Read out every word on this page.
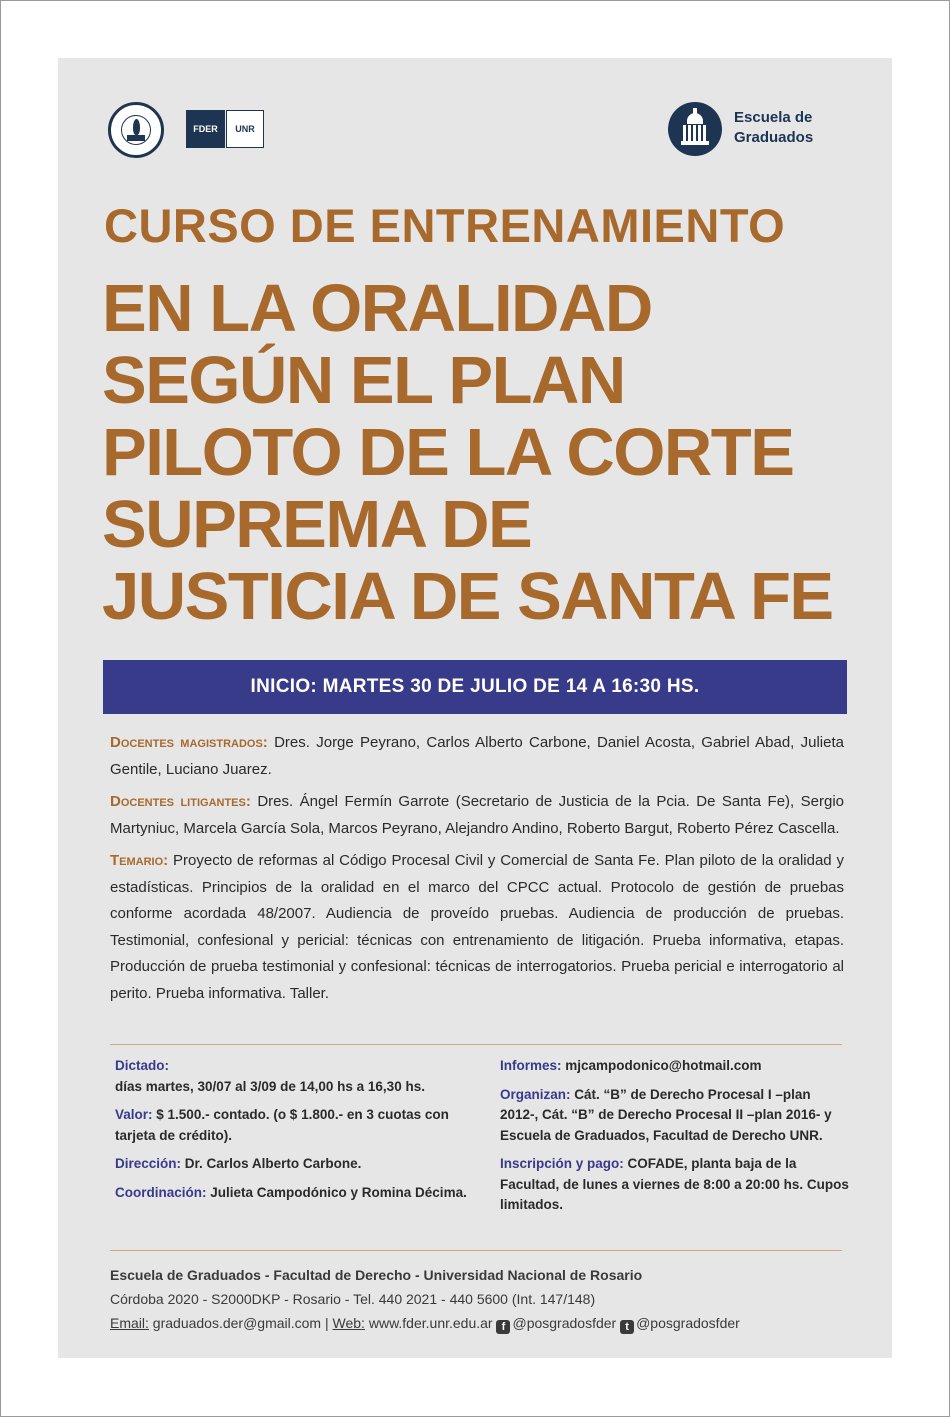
FDER	UNR
Escuela de
Graduados
CURSO DE ENTRENAMIENTO
EN LA ORALIDAD
SEGÚN EL PLAN
PILOTO DE LA CORTE
SUPREMA DE
JUSTICIA DE SANTA FE
INICIO: MARTES 30 DE JULIO DE 14 A 16:30 HS.

Docentes magistrados: Dres. Jorge Peyrano, Carlos Alberto Carbone, Daniel Acosta, Gabriel Abad, Julieta Gentile, Luciano Juarez.

Docentes litigantes: Dres. Ángel Fermín Garrote (Secretario de Justicia de la Pcia. De Santa Fe), Sergio Martyniuc, Marcela García Sola, Marcos Peyrano, Alejandro Andino, Roberto Bargut, Roberto Pérez Cascella.

Temario: Proyecto de reformas al Código Procesal Civil y Comercial de Santa Fe. Plan piloto de la oralidad y estadísticas. Principios de la oralidad en el marco del CPCC actual. Protocolo de gestión de pruebas conforme acordada 48/2007. Audiencia de proveído pruebas. Audiencia de producción de pruebas. Testimonial, confesional y pericial: técnicas con entrenamiento de litigación. Prueba informativa, etapas. Producción de prueba testimonial y confesional: técnicas de interrogatorios. Prueba pericial e interrogatorio al perito. Prueba informativa. Taller.

Dictado:
días martes, 30/07 al 3/09 de 14,00 hs a 16,30 hs.

Valor: $ 1.500.- contado. (o $ 1.800.- en 3 cuotas con tarjeta de crédito).

Dirección: Dr. Carlos Alberto Carbone.

Coordinación: Julieta Campodónico y Romina Décima.

Informes: mjcampodonico@hotmail.com

Organizan: Cát. “B” de Derecho Procesal I –plan 2012-, Cát. “B” de Derecho Procesal II –plan 2016- y Escuela de Graduados, Facultad de Derecho UNR.

Inscripción y pago: COFADE, planta baja de la Facultad, de lunes a viernes de 8:00 a 20:00 hs. Cupos limitados.

Escuela de Graduados - Facultad de Derecho - Universidad Nacional de Rosario
Córdoba 2020 - S2000DKP - Rosario - Tel. 440 2021 - 440 5600 (Int. 147/148)
Email: graduados.der@gmail.com | Web: www.fder.unr.edu.ar f @posgradosfder t @posgradosfder
